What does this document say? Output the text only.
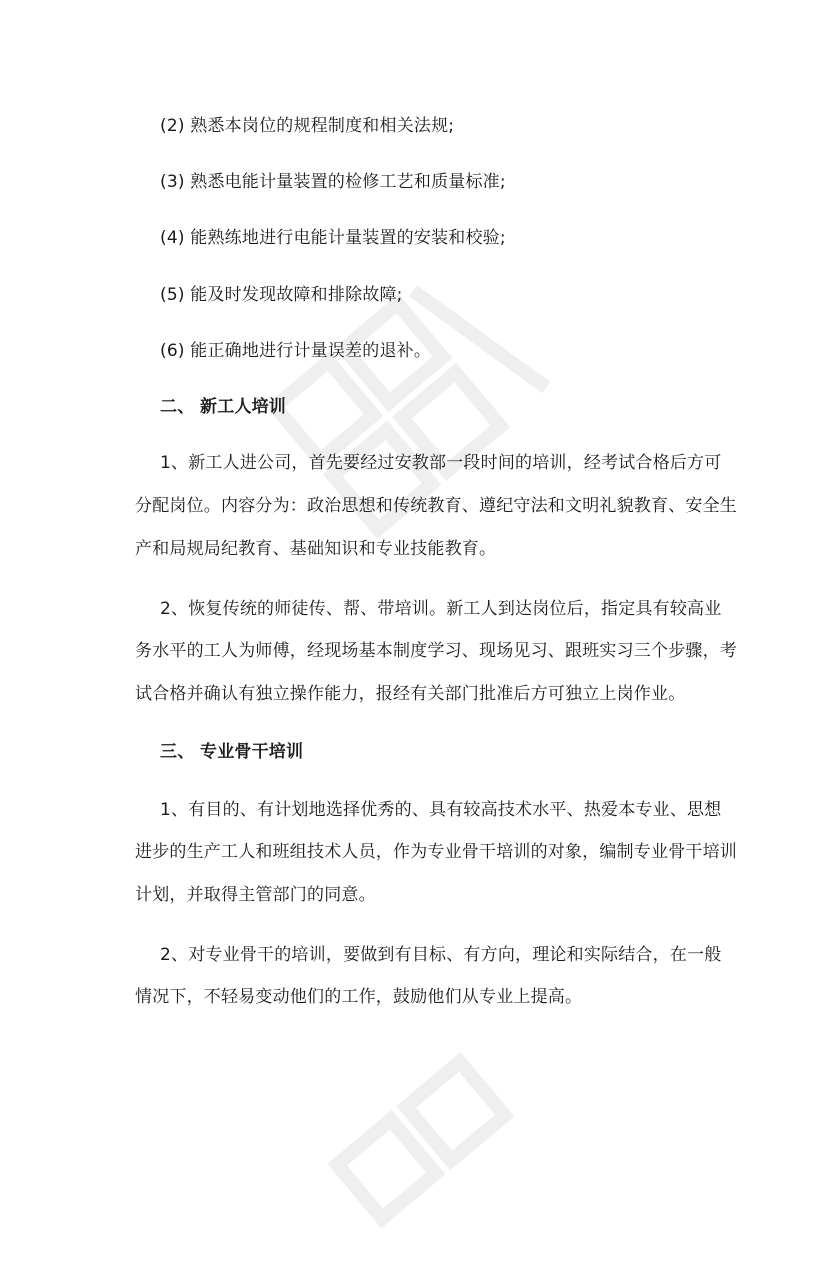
(2) 熟悉本岗位的规程制度和相关法规;
(3) 熟悉电能计量装置的检修工艺和质量标准;
(4) 能熟练地进行电能计量装置的安装和校验;
(5) 能及时发现故障和排除故障;
(6) 能正确地进行计量误差的退补。
二、 新工人培训
1、新工人进公司，首先要经过安教部一段时间的培训，经考试合格后方可
分配岗位。内容分为：政治思想和传统教育、遵纪守法和文明礼貌教育、安全生
产和局规局纪教育、基础知识和专业技能教育。
2、恢复传统的师徒传、帮、带培训。新工人到达岗位后，指定具有较高业
务水平的工人为师傅，经现场基本制度学习、现场见习、跟班实习三个步骤，考
试合格并确认有独立操作能力，报经有关部门批准后方可独立上岗作业。
三、 专业骨干培训
1、有目的、有计划地选择优秀的、具有较高技术水平、热爱本专业、思想
进步的生产工人和班组技术人员，作为专业骨干培训的对象，编制专业骨干培训
计划，并取得主管部门的同意。
2、对专业骨干的培训，要做到有目标、有方向，理论和实际结合，在一般
情况下，不轻易变动他们的工作，鼓励他们从专业上提高。
